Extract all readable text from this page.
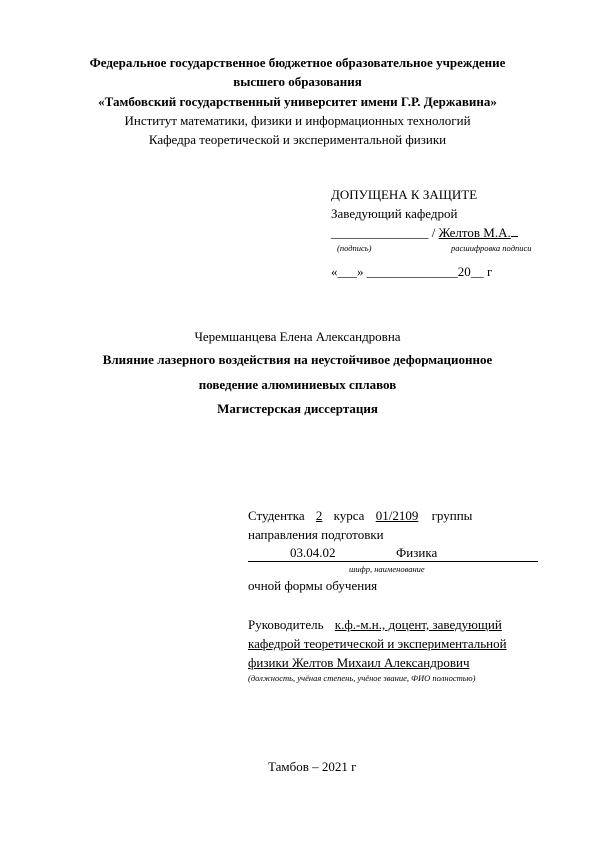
Федеральное государственное бюджетное образовательное учреждение
высшего образования
«Тамбовский государственный университет имени Г.Р. Державина»
Институт математики, физики и информационных технологий
Кафедра теоретической и экспериментальной физики
ДОПУЩЕНА К ЗАЩИТЕ
Заведующий кафедрой
_______________ / Желтов М.А.
(подпись)	расшифровка подписи
«___» ______________20__ г
Черемшанцева Елена Александровна
Влияние лазерного воздействия на неустойчивое деформационное
поведение алюминиевых сплавов
Магистерская диссертация
Студентка 2 курса 01/2109 группы
направления подготовки
03.04.02	Физика
шифр, наименование
очной формы обучения
Руководитель к.ф.-м.н., доцент, заведующий
кафедрой теоретической и экспериментальной
физики Желтов Михаил Александрович
(должность, учёная степень, учёное звание, ФИО полностью)
Тамбов – 2021 г
